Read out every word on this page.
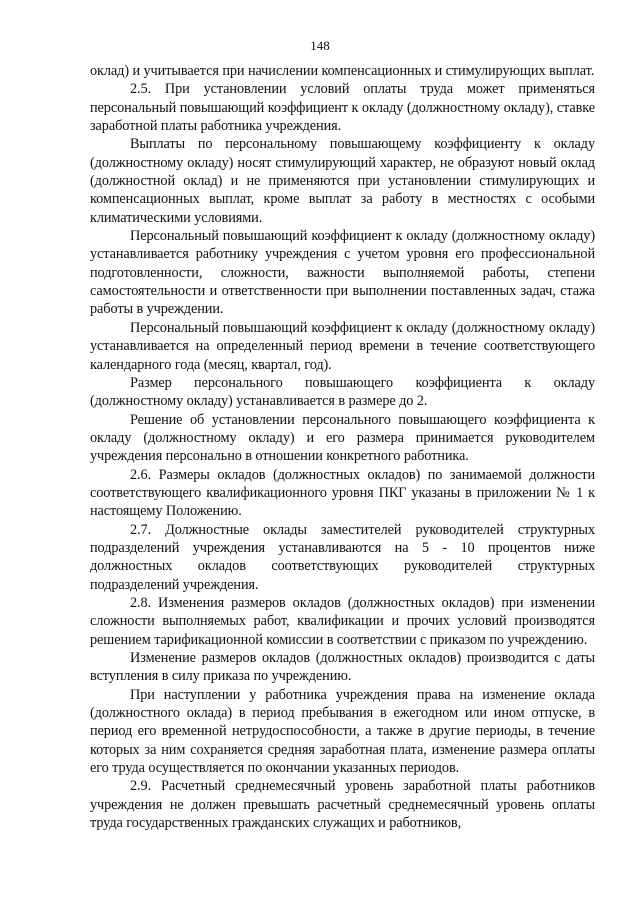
148

оклад) и учитывается при начислении компенсационных и стимулирующих выплат.

2.5. При установлении условий оплаты труда может применяться персональный повышающий коэффициент к окладу (должностному окладу), ставке заработной платы работника учреждения.

Выплаты по персональному повышающему коэффициенту к окладу (должностному окладу) носят стимулирующий характер, не образуют новый оклад (должностной оклад) и не применяются при установлении стимулирующих и компенсационных выплат, кроме выплат за работу в местностях с особыми климатическими условиями.

Персональный повышающий коэффициент к окладу (должностному окладу) устанавливается работнику учреждения с учетом уровня его профессиональной подготовленности, сложности, важности выполняемой работы, степени самостоятельности и ответственности при выполнении поставленных задач, стажа работы в учреждении.

Персональный повышающий коэффициент к окладу (должностному окладу) устанавливается на определенный период времени в течение соответствующего календарного года (месяц, квартал, год).

Размер персонального повышающего коэффициента к окладу (должностному окладу) устанавливается в размере до 2.

Решение об установлении персонального повышающего коэффициента к окладу (должностному окладу) и его размера принимается руководителем учреждения персонально в отношении конкретного работника.

2.6. Размеры окладов (должностных окладов) по занимаемой должности соответствующего квалификационного уровня ПКГ указаны в приложении № 1 к настоящему Положению.

2.7. Должностные оклады заместителей руководителей структурных подразделений учреждения устанавливаются на 5 - 10 процентов ниже должностных окладов соответствующих руководителей структурных подразделений учреждения.

2.8. Изменения размеров окладов (должностных окладов) при изменении сложности выполняемых работ, квалификации и прочих условий производятся решением тарификационной комиссии в соответствии с приказом по учреждению.

Изменение размеров окладов (должностных окладов) производится с даты вступления в силу приказа по учреждению.

При наступлении у работника учреждения права на изменение оклада (должностного оклада) в период пребывания в ежегодном или ином отпуске, в период его временной нетрудоспособности, а также в другие периоды, в течение которых за ним сохраняется средняя заработная плата, изменение размера оплаты его труда осуществляется по окончании указанных периодов.

2.9. Расчетный среднемесячный уровень заработной платы работников учреждения не должен превышать расчетный среднемесячный уровень оплаты труда государственных гражданских служащих и работников,
